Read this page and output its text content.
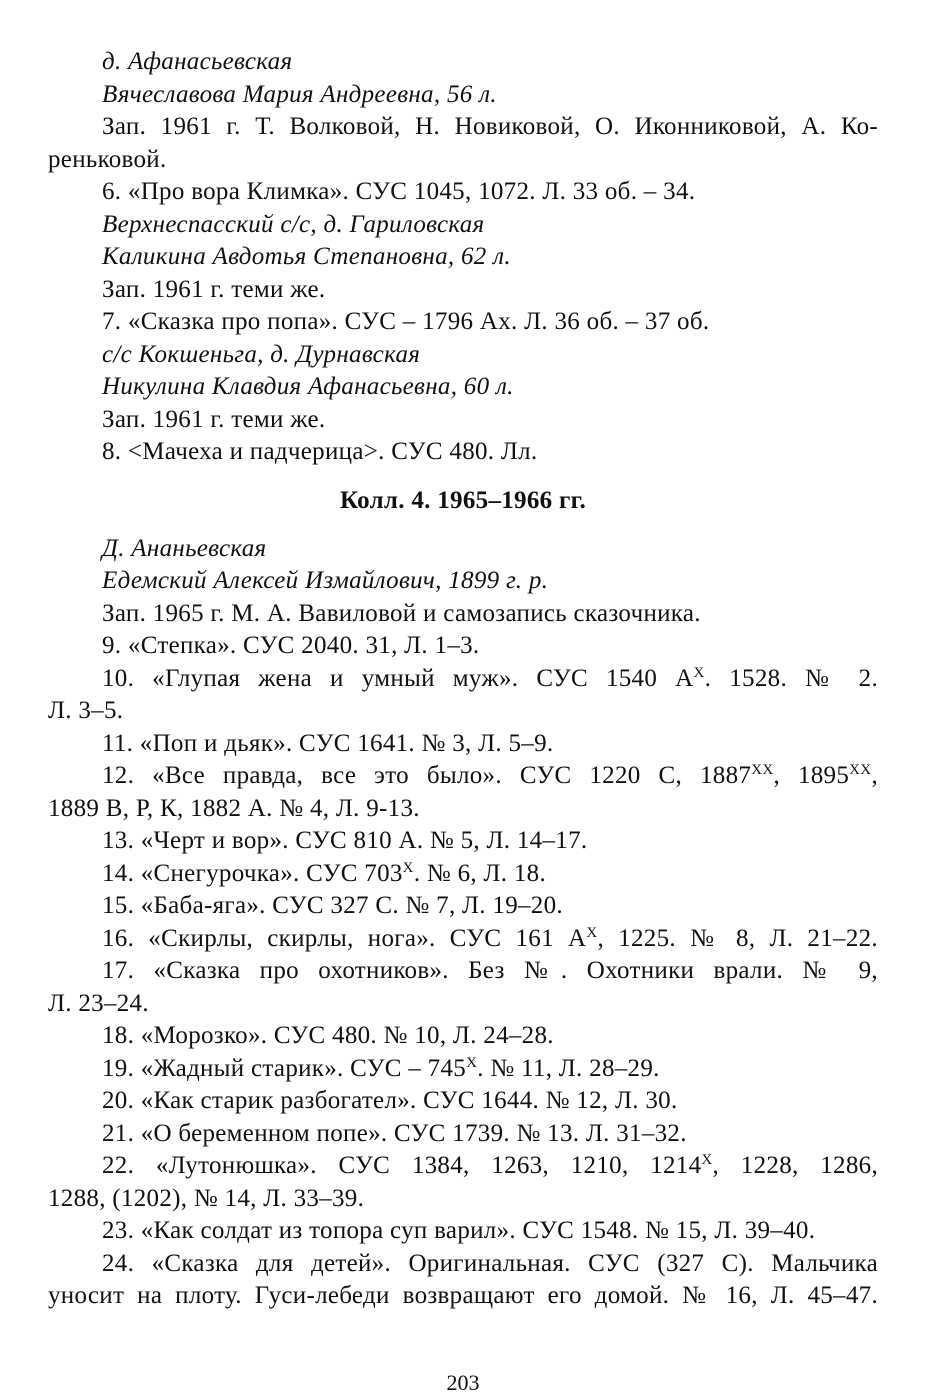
д. Афанасьевская
Вячеславова Мария Андреевна, 56 л.
Зап. 1961 г. Т. Волковой, Н. Новиковой, О. Иконниковой, А. Ко-
реньковой.
6. «Про вора Климка». СУС 1045, 1072. Л. 33 об. – 34.
Верхнеспасский с/с, д. Гариловская
Каликина Авдотья Степановна, 62 л.
Зап. 1961 г. теми же.
7. «Сказка про попа». СУС – 1796 Ах. Л. 36 об. – 37 об.
с/с Кокшеньга, д. Дурнавская
Никулина Клавдия Афанасьевна, 60 л.
Зап. 1961 г. теми же.
8. <Мачеха и падчерица>. СУС 480. Лл.
Колл. 4. 1965–1966 гг.
Д. Ананьевская
Едемский Алексей Измайлович, 1899 г. р.
Зап. 1965 г. М. А. Вавиловой и самозапись сказочника.
9. «Степка». СУС 2040. 31, Л. 1–3.
10. «Глупая жена и умный муж». СУС 1540 $А^X$. 1528. № 2.
Л. 3–5.
11. «Поп и дьяк». СУС 1641. № 3, Л. 5–9.
12. «Все правда, все это было». СУС 1220 С, $1887^{XX}$, $1895^{XX}$,
1889 В, Р, К, 1882 А. № 4, Л. 9-13.
13. «Черт и вор». СУС 810 А. № 5, Л. 14–17.
14. «Снегурочка». СУС $703^X$. № 6, Л. 18.
15. «Баба-яга». СУС 327 С. № 7, Л. 19–20.
16. «Скирлы, скирлы, нога». СУС 161 $А^X$, 1225. № 8, Л. 21–22.
17. «Сказка про охотников». Без №. Охотники врали. № 9,
Л. 23–24.
18. «Морозко». СУС 480. № 10, Л. 24–28.
19. «Жадный старик». СУС – $745^X$. № 11, Л. 28–29.
20. «Как старик разбогател». СУС 1644. № 12, Л. 30.
21. «О беременном попе». СУС 1739. № 13. Л. 31–32.
22. «Лутонюшка». СУС 1384, 1263, 1210, $1214^X$, 1228, 1286,
1288, (1202), № 14, Л. 33–39.
23. «Как солдат из топора суп варил». СУС 1548. № 15, Л. 39–40.
24. «Сказка для детей». Оригинальная. СУС (327 С). Мальчика
уносит на плоту. Гуси-лебеди возвращают его домой. № 16, Л. 45–47.
203
